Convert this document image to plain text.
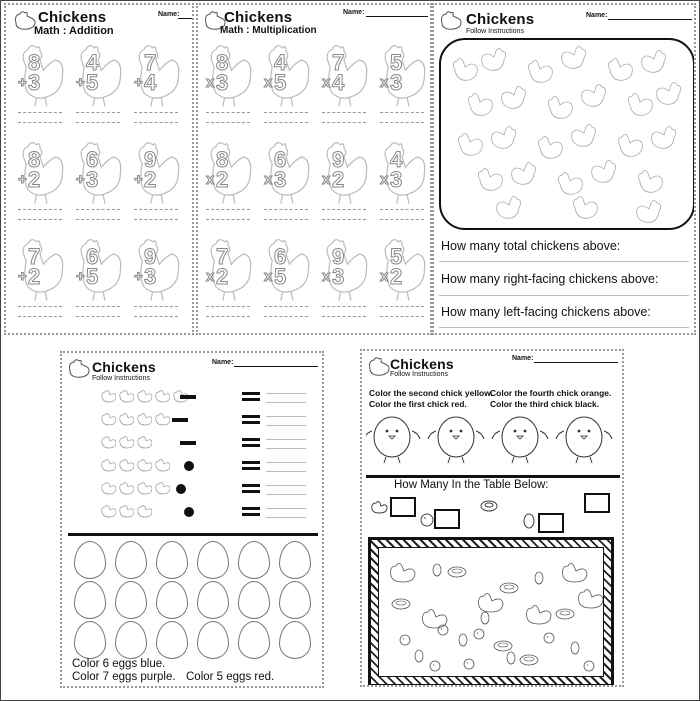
Chickens
Math : Addition
Name:
8
+ 3
4
+ 5
7
+ 4
8
+ 2
6
+ 3
9
+ 2
7
+ 2
6
+ 5
9
+ 3
Chickens
Math : Multiplication
Name:
8
x 3
4
x 5
7
x 4
5
x 3
8
x 2
6
x 3
9
x 2
4
x 3
7
x 2
6
x 5
9
x 3
5
x 2
Chickens
Follow Instructions
Name:
How many total chickens above:
How many right-facing chickens above:
How many left-facing chickens above:
Chickens
Follow Instructions
Name:
Color 6 eggs blue.
Color 7 eggs purple. Color 5 eggs red.
Chickens
Follow Instructions
Name:
Color the second chick yellow.
Color the first chick red.
Color the fourth chick orange.
Color the third chick black.
How Many In the Table Below:
